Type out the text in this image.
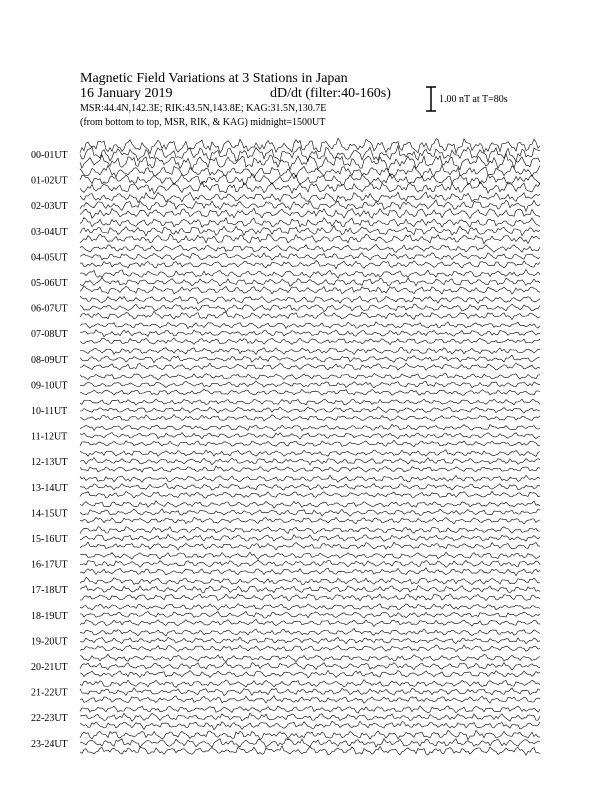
Magnetic Field Variations at 3 Stations in Japan
16 January 2019	dD/dt (filter:40-160s)
MSR:44.4N,142.3E; RIK:43.5N,143.8E; KAG:31.5N,130.7E
(from bottom to top, MSR, RIK, & KAG) midnight=1500UT
1.00 nT at T=80s
00-01UT
01-02UT
02-03UT
03-04UT
04-05UT
05-06UT
06-07UT
07-08UT
08-09UT
09-10UT
10-11UT
11-12UT
12-13UT
13-14UT
14-15UT
15-16UT
16-17UT
17-18UT
18-19UT
19-20UT
20-21UT
21-22UT
22-23UT
23-24UT
